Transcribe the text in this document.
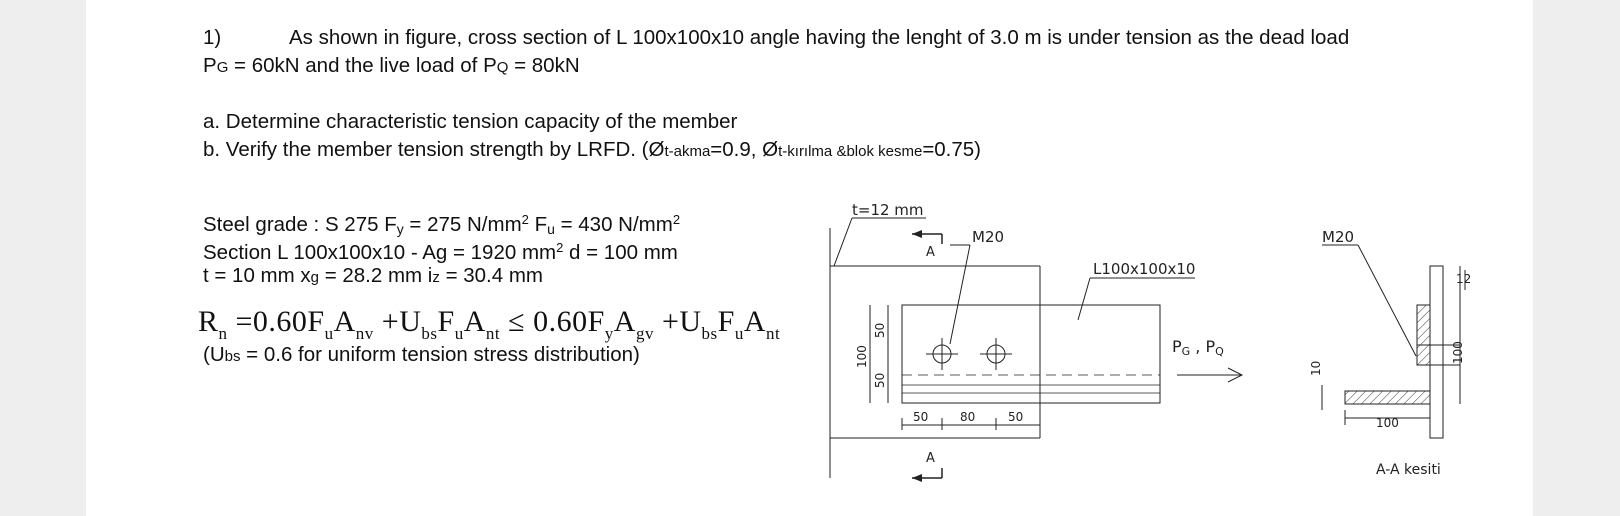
1)	As shown in figure, cross section of L 100x100x10 angle having the lenght of 3.0 m is under tension as the dead load
PG = 60kN and the live load of PQ = 80kN
a. Determine characteristic tension capacity of the member
b. Verify the member tension strength by LRFD. (Øt-akma=0.9, Øt-kırılma &blok kesme=0.75)
Steel grade : S 275 $F_y = 275$ $N/mm^2$ $F_u = 430$ $N/mm^2$
Section L 100x100x10 - Ag = 1920 $mm^2$ d = 100 mm
t = 10 mm xg = 28.2 mm iz = 30.4 mm
$R_n =0.60F_uA_{nv} +U_{bs}F_uA_{nt} \le 0.60F_yA_{gv} +U_{bs}F_uA_{nt}$
(Ubs = 0.6 for uniform tension stress distribution)
t=12 mm
M20
A
A
L100x100x10
PG , PQ
100
50
50
50	80	50
M20
12
100
10
100
A-A kesiti
